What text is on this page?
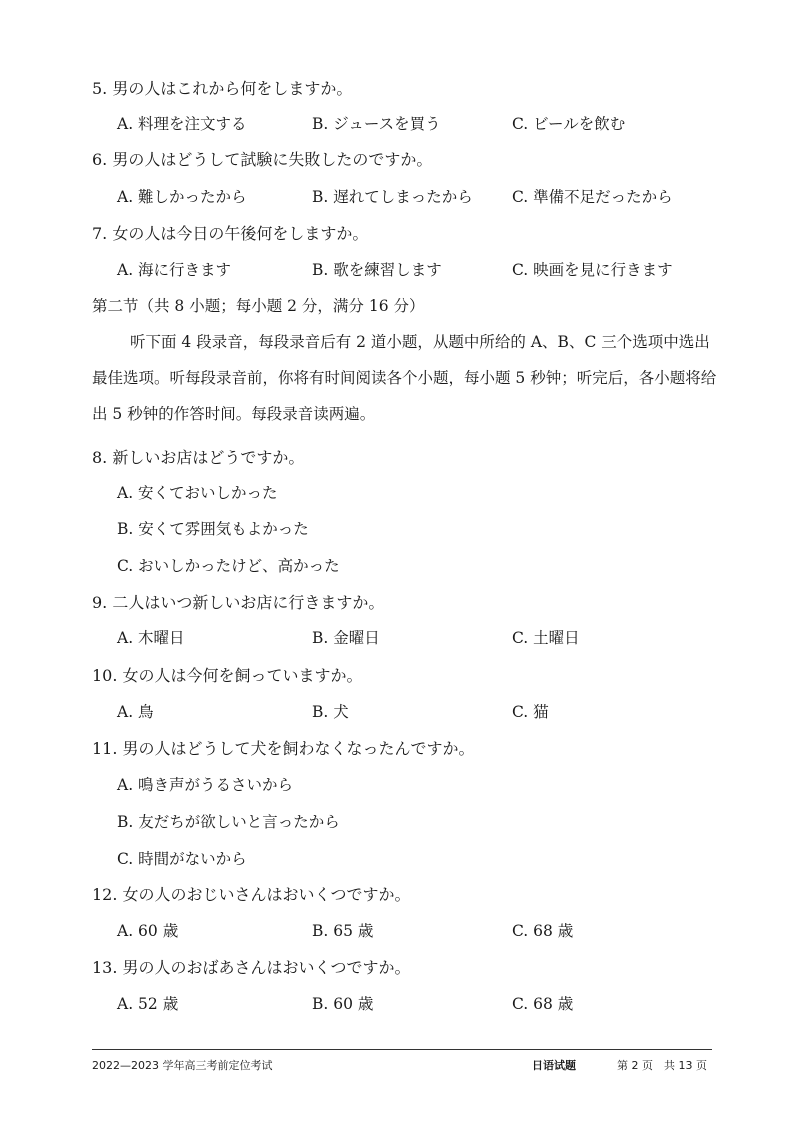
5. 男の人はこれから何をしますか。
A. 料理を注文する	B. ジュースを買う	C. ビールを飲む
6. 男の人はどうして試験に失敗したのですか。
A. 難しかったから	B. 遅れてしまったから	C. 準備不足だったから
7. 女の人は今日の午後何をしますか。
A. 海に行きます	B. 歌を練習します	C. 映画を見に行きます
第二节（共 8 小题；每小题 2 分，满分 16 分）
听下面 4 段录音，每段录音后有 2 道小题，从题中所给的 A、B、C 三个选项中选出最佳选项。听每段录音前，你将有时间阅读各个小题，每小题 5 秒钟；听完后，各小题将给出 5 秒钟的作答时间。每段录音读两遍。
8. 新しいお店はどうですか。
A. 安くておいしかった
B. 安くて雰囲気もよかった
C. おいしかったけど、高かった
9. 二人はいつ新しいお店に行きますか。
A. 木曜日	B. 金曜日	C. 土曜日
10. 女の人は今何を飼っていますか。
A. 鳥	B. 犬	C. 猫
11. 男の人はどうして犬を飼わなくなったんですか。
A. 鳴き声がうるさいから
B. 友だちが欲しいと言ったから
C. 時間がないから
12. 女の人のおじいさんはおいくつですか。
A. 60 歳	B. 65 歳	C. 68 歳
13. 男の人のおばあさんはおいくつですか。
A. 52 歳	B. 60 歳	C. 68 歳
2022—2023 学年高三考前定位考试	日语试题	第 2 页　共 13 页
